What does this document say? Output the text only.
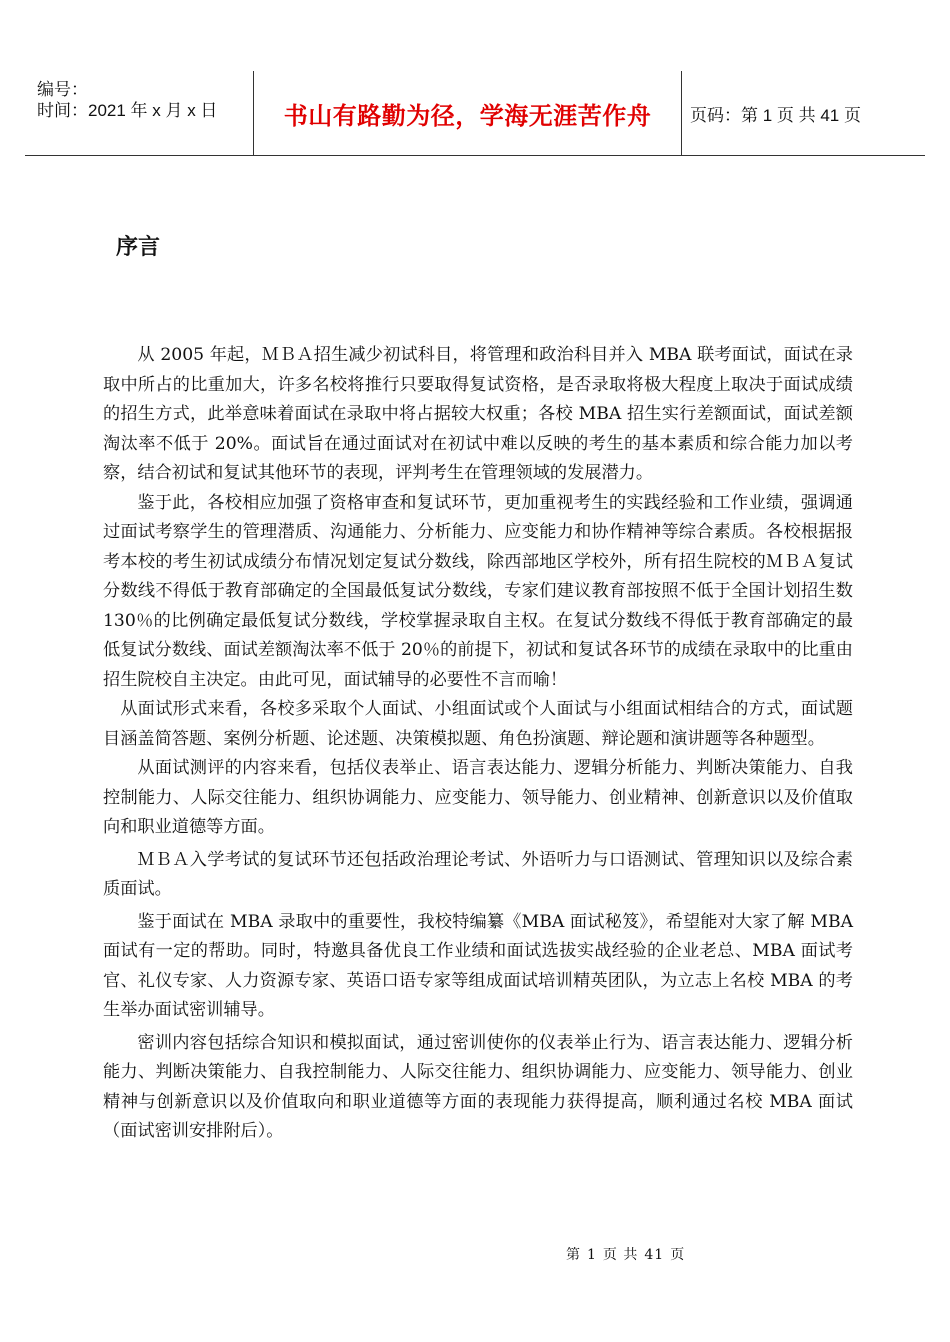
编号：
时间：2021 年 x 月 x 日	书山有路勤为径，学海无涯苦作舟 页码：第 1 页 共 41 页
序言

从 2005 年起，ＭＢＡ招生减少初试科目，将管理和政治科目并入 MBA 联考面试，面试在录取中所占的比重加大，许多名校将推行只要取得复试资格，是否录取将极大程度上取决于面试成绩的招生方式，此举意味着面试在录取中将占据较大权重；各校 MBA 招生实行差额面试，面试差额淘汰率不低于 20%。面试旨在通过面试对在初试中难以反映的考生的基本素质和综合能力加以考察，结合初试和复试其他环节的表现，评判考生在管理领域的发展潜力。

鉴于此，各校相应加强了资格审查和复试环节，更加重视考生的实践经验和工作业绩，强调通过面试考察学生的管理潜质、沟通能力、分析能力、应变能力和协作精神等综合素质。各校根据报考本校的考生初试成绩分布情况划定复试分数线，除西部地区学校外，所有招生院校的ＭＢＡ复试分数线不得低于教育部确定的全国最低复试分数线，专家们建议教育部按照不低于全国计划招生数 130％的比例确定最低复试分数线，学校掌握录取自主权。在复试分数线不得低于教育部确定的最低复试分数线、面试差额淘汰率不低于 20％的前提下，初试和复试各环节的成绩在录取中的比重由招生院校自主决定。由此可见，面试辅导的必要性不言而喻！

从面试形式来看，各校多采取个人面试、小组面试或个人面试与小组面试相结合的方式，面试题目涵盖简答题、案例分析题、论述题、决策模拟题、角色扮演题、辩论题和演讲题等各种题型。

从面试测评的内容来看，包括仪表举止、语言表达能力、逻辑分析能力、判断决策能力、自我控制能力、人际交往能力、组织协调能力、应变能力、领导能力、创业精神、创新意识以及价值取向和职业道德等方面。

ＭＢＡ入学考试的复试环节还包括政治理论考试、外语听力与口语测试、管理知识以及综合素质面试。

鉴于面试在 MBA 录取中的重要性，我校特编纂《MBA 面试秘笈》，希望能对大家了解 MBA 面试有一定的帮助。同时，特邀具备优良工作业绩和面试选拔实战经验的企业老总、MBA 面试考官、礼仪专家、人力资源专家、英语口语专家等组成面试培训精英团队，为立志上名校 MBA 的考生举办面试密训辅导。

密训内容包括综合知识和模拟面试，通过密训使你的仪表举止行为、语言表达能力、逻辑分析能力、判断决策能力、自我控制能力、人际交往能力、组织协调能力、应变能力、领导能力、创业精神与创新意识以及价值取向和职业道德等方面的表现能力获得提高，顺利通过名校 MBA 面试（面试密训安排附后）。

第 1 页 共 41 页
